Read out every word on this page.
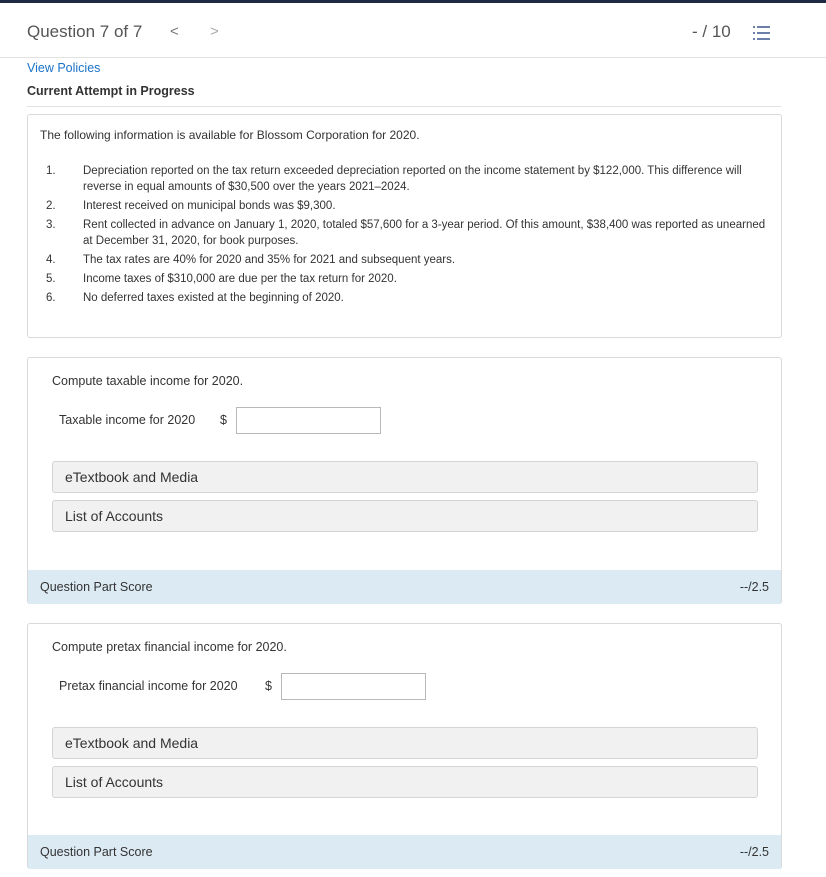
Question 7 of 7 < >	- / 10
View Policies
Current Attempt in Progress
The following information is available for Blossom Corporation for 2020.
1. Depreciation reported on the tax return exceeded depreciation reported on the income statement by $122,000. This difference will reverse in equal amounts of $30,500 over the years 2021–2024.
2. Interest received on municipal bonds was $9,300.
3. Rent collected in advance on January 1, 2020, totaled $57,600 for a 3-year period. Of this amount, $38,400 was reported as unearned at December 31, 2020, for book purposes.
4. The tax rates are 40% for 2020 and 35% for 2021 and subsequent years.
5. Income taxes of $310,000 are due per the tax return for 2020.
6. No deferred taxes existed at the beginning of 2020.
Compute taxable income for 2020.
Taxable income for 2020 $
eTextbook and Media
List of Accounts
Question Part Score	--/2.5
Compute pretax financial income for 2020.
Pretax financial income for 2020 $
eTextbook and Media
List of Accounts
Question Part Score	--/2.5
